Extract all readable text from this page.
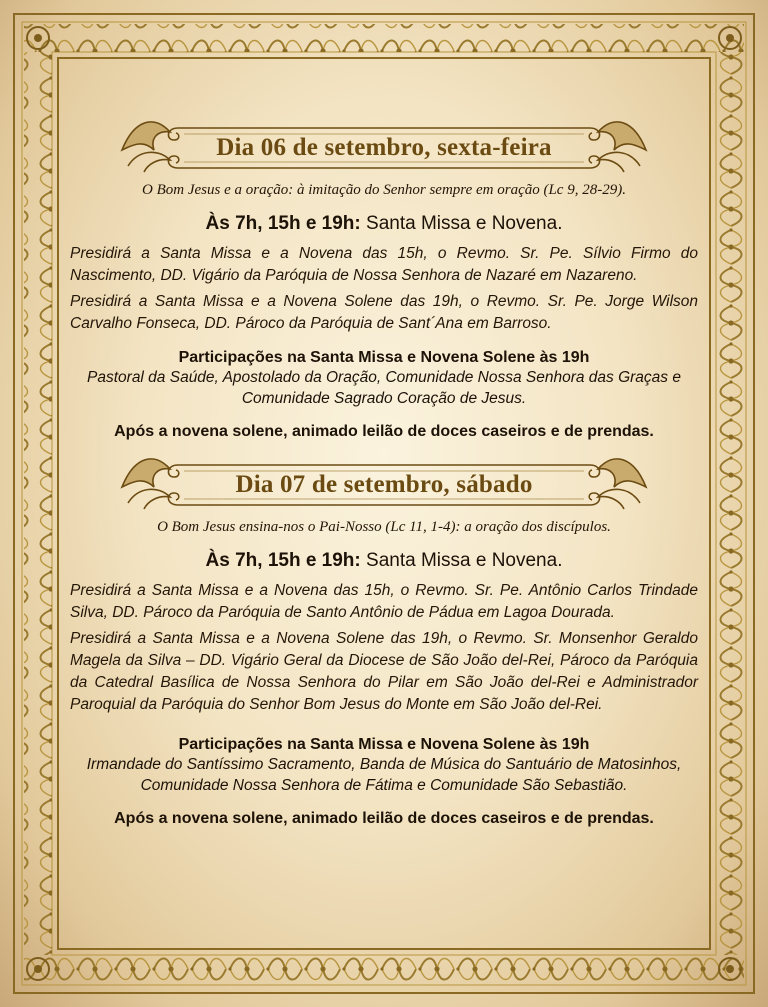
Dia 06 de setembro, sexta-feira

O Bom Jesus e a oração: à imitação do Senhor sempre em oração (Lc 9, 28-29).

Às 7h, 15h e 19h: Santa Missa e Novena.

Presidirá a Santa Missa e a Novena das 15h, o Revmo. Sr. Pe. Sílvio Firmo do Nascimento, DD. Vigário da Paróquia de Nossa Senhora de Nazaré em Nazareno.

Presidirá a Santa Missa e a Novena Solene das 19h, o Revmo. Sr. Pe. Jorge Wilson Carvalho Fonseca, DD. Pároco da Paróquia de Sant´Ana em Barroso.

Participações na Santa Missa e Novena Solene às 19h

Pastoral da Saúde, Apostolado da Oração, Comunidade Nossa Senhora das Graças e Comunidade Sagrado Coração de Jesus.

Após a novena solene, animado leilão de doces caseiros e de prendas.

Dia 07 de setembro, sábado

O Bom Jesus ensina-nos o Pai-Nosso (Lc 11, 1-4): a oração dos discípulos.

Às 7h, 15h e 19h: Santa Missa e Novena.

Presidirá a Santa Missa e a Novena das 15h, o Revmo. Sr. Pe. Antônio Carlos Trindade Silva, DD. Pároco da Paróquia de Santo Antônio de Pádua em Lagoa Dourada.

Presidirá a Santa Missa e a Novena Solene das 19h, o Revmo. Sr. Monsenhor Geraldo Magela da Silva – DD. Vigário Geral da Diocese de São João del-Rei, Pároco da Paróquia da Catedral Basílica de Nossa Senhora do Pilar em São João del-Rei e Administrador Paroquial da Paróquia do Senhor Bom Jesus do Monte em São João del-Rei.

Participações na Santa Missa e Novena Solene às 19h

Irmandade do Santíssimo Sacramento, Banda de Música do Santuário de Matosinhos, Comunidade Nossa Senhora de Fátima e Comunidade São Sebastião.

Após a novena solene, animado leilão de doces caseiros e de prendas.
